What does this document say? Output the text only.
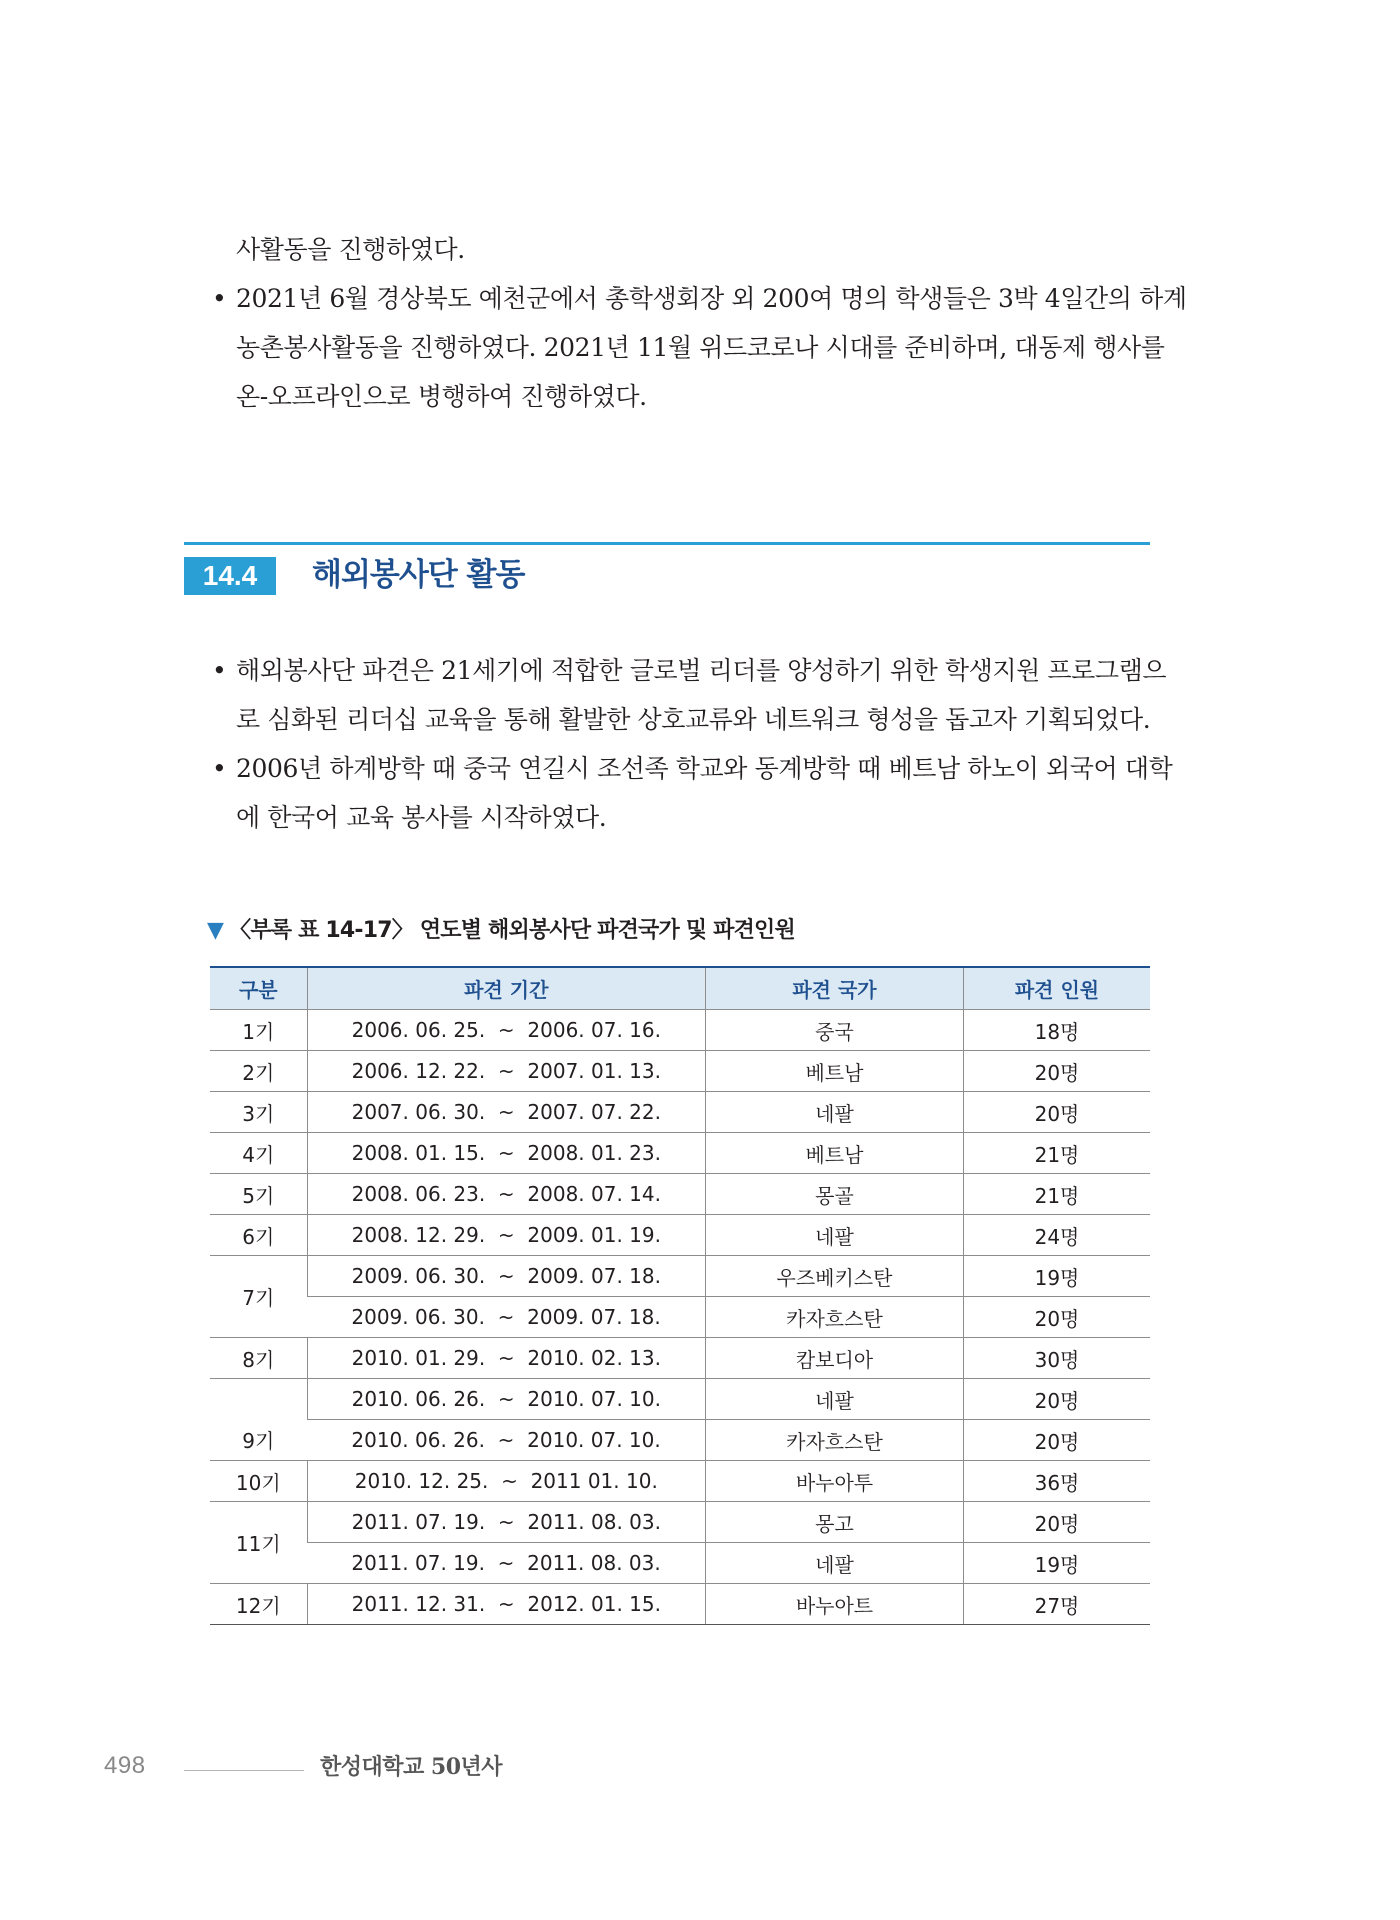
사활동을 진행하였다.
• 2021년 6월 경상북도 예천군에서 총학생회장 외 200여 명의 학생들은 3박 4일간의 하계
농촌봉사활동을 진행하였다. 2021년 11월 위드코로나 시대를 준비하며, 대동제 행사를
온-오프라인으로 병행하여 진행하였다.
14.4	해외봉사단 활동
• 해외봉사단 파견은 21세기에 적합한 글로벌 리더를 양성하기 위한 학생지원 프로그램으
로 심화된 리더십 교육을 통해 활발한 상호교류와 네트워크 형성을 돕고자 기획되었다.
• 2006년 하계방학 때 중국 연길시 조선족 학교와 동계방학 때 베트남 하노이 외국어 대학
에 한국어 교육 봉사를 시작하였다.
▼ 〈부록 표 14-17〉 연도별 해외봉사단 파견국가 및 파견인원
구분	파견 기간	파견 국가	파견 인원
1기	2006. 06. 25.  ~  2006. 07. 16.	중국	18명
2기	2006. 12. 22.  ~  2007. 01. 13.	베트남	20명
3기	2007. 06. 30.  ~  2007. 07. 22.	네팔	20명
4기	2008. 01. 15.  ~  2008. 01. 23.	베트남	21명
5기	2008. 06. 23.  ~  2008. 07. 14.	몽골	21명
6기	2008. 12. 29.  ~  2009. 01. 19.	네팔	24명
7기	2009. 06. 30.  ~  2009. 07. 18.	우즈베키스탄	19명
	2009. 06. 30.  ~  2009. 07. 18.	카자흐스탄	20명
8기	2010. 01. 29.  ~  2010. 02. 13.	캄보디아	30명
9기	2010. 06. 26.  ~  2010. 07. 10.	네팔	20명
	2010. 06. 26.  ~  2010. 07. 10.	카자흐스탄	20명
10기	2010. 12. 25.  ~  2011 01. 10.	바누아투	36명
11기	2011. 07. 19.  ~  2011. 08. 03.	몽고	20명
	2011. 07. 19.  ~  2011. 08. 03.	네팔	19명
12기	2011. 12. 31.  ~  2012. 01. 15.	바누아트	27명
498	한성대학교 50년사
